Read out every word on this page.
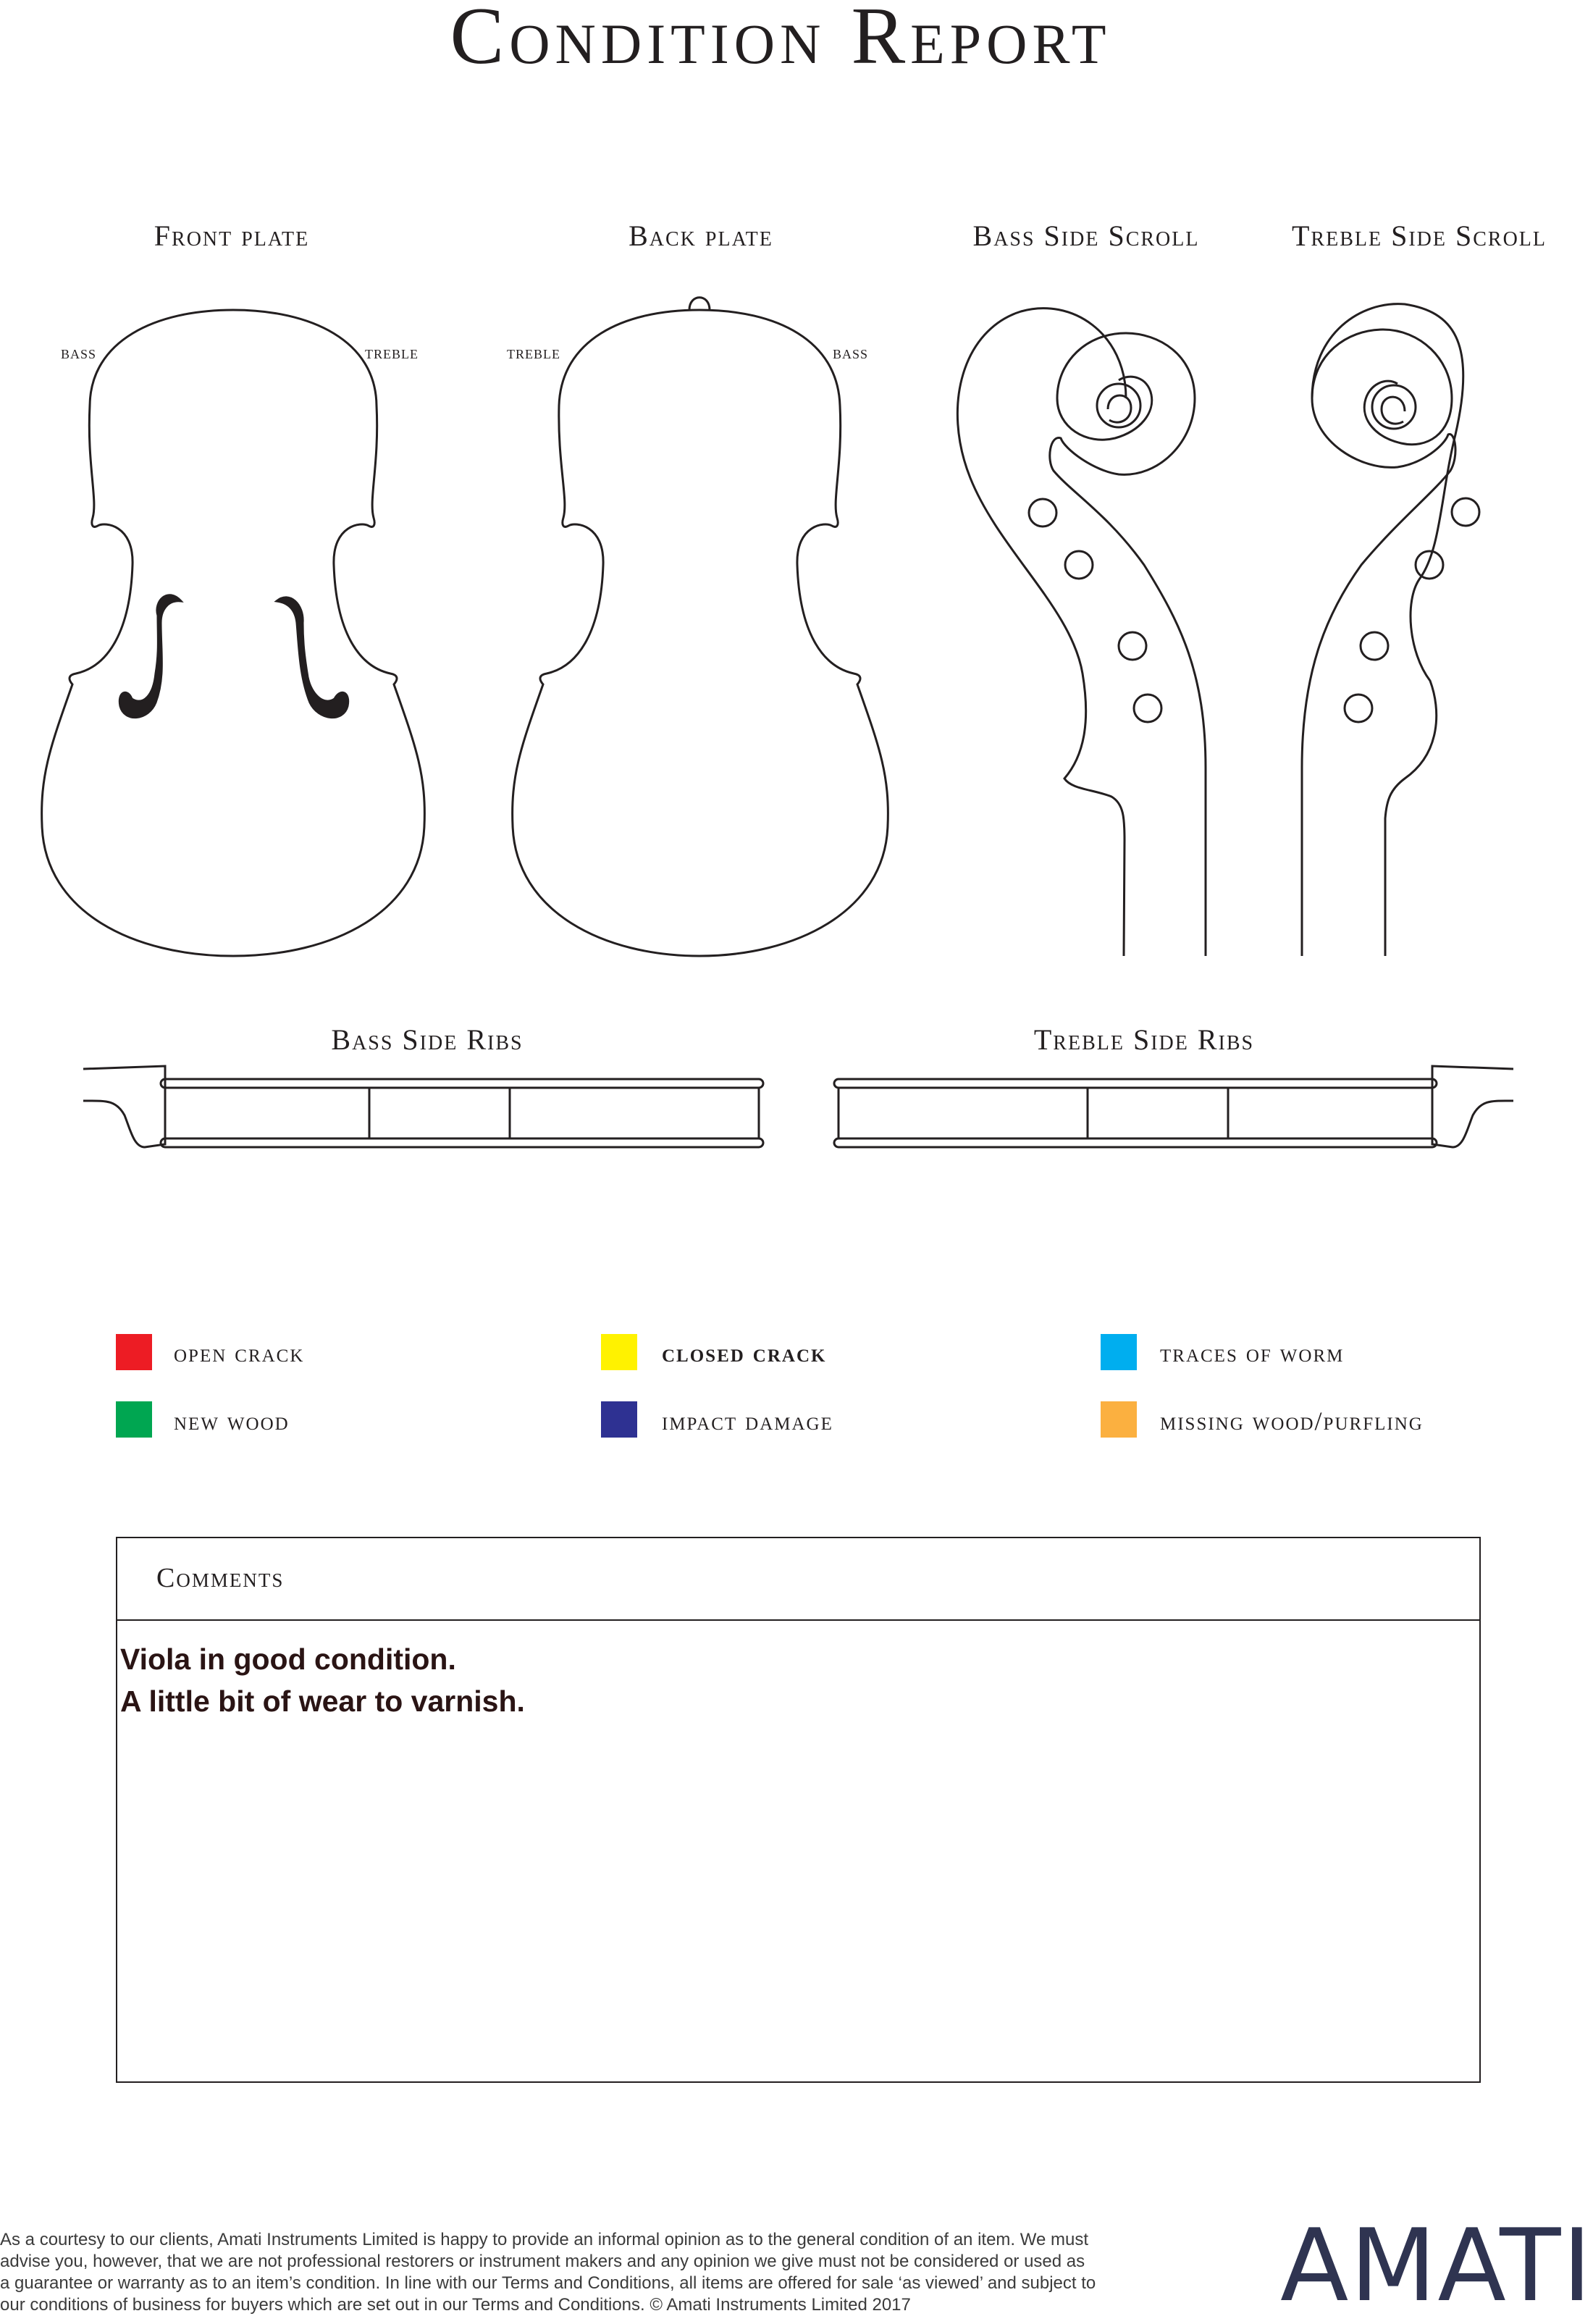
Condition Report
Front plate	Back plate	Bass Side Scroll	Treble Side Scroll
Bass Side Ribs	Treble Side Ribs
bass	treble	treble	bass
open crack	closed crack	traces of worm
new wood	impact damage	missing wood/purfling
Comments
Viola in good condition.
A little bit of wear to varnish.
As a courtesy to our clients, Amati Instruments Limited is happy to provide an informal opinion as to the general condition of an item. We must
advise you, however, that we are not professional restorers or instrument makers and any opinion we give must not be considered or used as
a guarantee or warranty as to an item’s condition. In line with our Terms and Conditions, all items are offered for sale ‘as viewed’ and subject to
our conditions of business for buyers which are set out in our Terms and Conditions. © Amati Instruments Limited 2017	AMATI
